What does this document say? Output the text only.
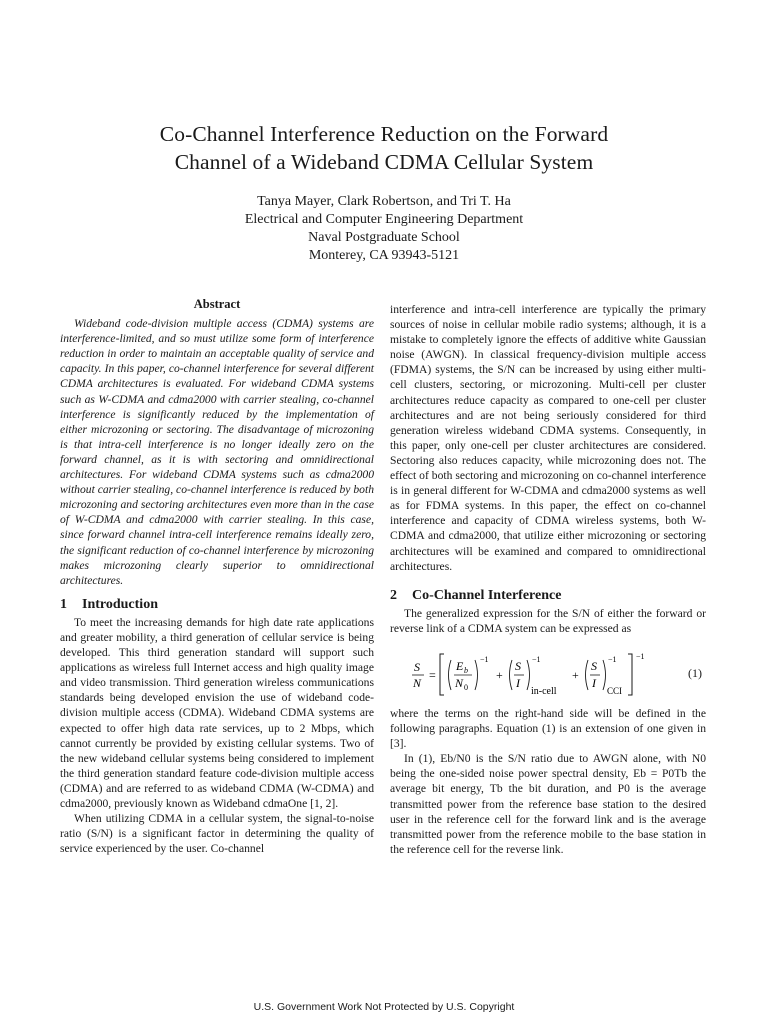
Co-Channel Interference Reduction on the Forward
Channel of a Wideband CDMA Cellular System
Tanya Mayer, Clark Robertson, and Tri T. Ha
Electrical and Computer Engineering Department
Naval Postgraduate School
Monterey, CA 93943-5121
Abstract

Wideband code-division multiple access (CDMA) systems are interference-limited, and so must utilize some form of interference reduction in order to maintain an acceptable quality of service and capacity. In this paper, co-channel interference for several different CDMA architectures is evaluated. For wideband CDMA systems such as W-CDMA and cdma2000 with carrier stealing, co-channel interference is significantly reduced by the implementation of either microzoning or sectoring. The disadvantage of microzoning is that intra-cell interference is no longer ideally zero on the forward channel, as it is with sectoring and omnidirectional architectures. For wideband CDMA systems such as cdma2000 without carrier stealing, co-channel interference is reduced by both microzoning and sectoring architectures even more than in the case of W-CDMA and cdma2000 with carrier stealing. In this case, since forward channel intra-cell interference remains ideally zero, the significant reduction of co-channel interference by microzoning makes microzoning clearly superior to omnidirectional architectures.

1 Introduction

To meet the increasing demands for high date rate applications and greater mobility, a third generation of cellular service is being developed. This third generation standard will support such applications as wireless full Internet access and high quality image and video transmission. Third generation wireless communications standards being developed envision the use of wideband code-division multiple access (CDMA). Wideband CDMA systems are expected to offer high data rate services, up to 2 Mbps, which cannot currently be provided by existing cellular systems. Two of the new wideband cellular systems being considered to implement the third generation standard feature code-division multiple access (CDMA) and are referred to as wideband CDMA (W-CDMA) and cdma2000, previously known as Wideband cdmaOne [1, 2].

When utilizing CDMA in a cellular system, the signal-to-noise ratio (S/N) is a significant factor in determining the quality of service experienced by the user. Co-channel

interference and intra-cell interference are typically the primary sources of noise in cellular mobile radio systems; although, it is a mistake to completely ignore the effects of additive white Gaussian noise (AWGN). In classical frequency-division multiple access (FDMA) systems, the S/N can be increased by using either multi-cell clusters, sectoring, or microzoning. Multi-cell per cluster architectures reduce capacity as compared to one-cell per cluster architectures and are not being seriously considered for third generation wireless wideband CDMA systems. Consequently, in this paper, only one-cell per cluster architectures are considered. Sectoring also reduces capacity, while microzoning does not. The effect of both sectoring and microzoning on co-channel interference is in general different for W-CDMA and cdma2000 systems as well as for FDMA systems. In this paper, the effect on co-channel interference and capacity of CDMA wireless systems, both W-CDMA and cdma2000, that utilize either microzoning or sectoring architectures will be examined and compared to omnidirectional architectures.

2 Co-Channel Interference

The generalized expression for the S/N of either the forward or reverse link of a CDMA system can be expressed as

S
N
=
E b
N 0
−1
+
S
I
−1
in-cell
+
S
I
−1
CCI
−1
(1)

where the terms on the right-hand side will be defined in the following paragraphs. Equation (1) is an extension of one given in [3].

In (1), Eb/N0 is the S/N ratio due to AWGN alone, with N0 being the one-sided noise power spectral density, Eb = P0Tb the average bit energy, Tb the bit duration, and P0 is the average transmitted power from the reference base station to the desired user in the reference cell for the forward link and is the average transmitted power from the reference mobile to the base station in the reference cell for the reverse link.

U.S. Government Work Not Protected by U.S. Copyright
